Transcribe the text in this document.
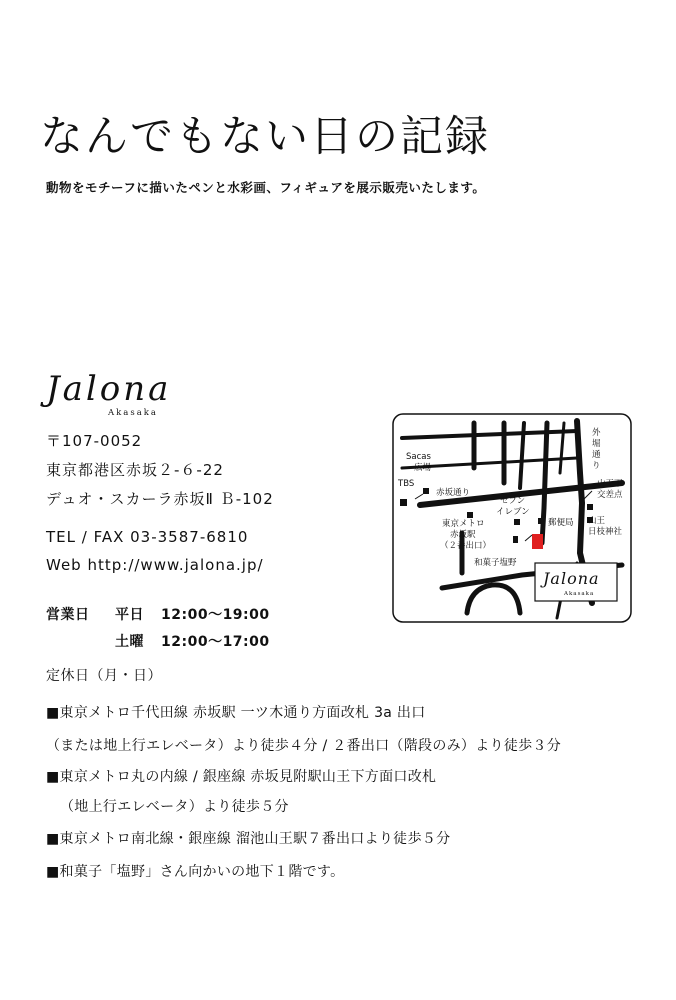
なんでもない日の記録
動物をモチーフに描いたペンと水彩画、フィギュアを展示販売いたします。
Jalona
Akasaka
〒107-0052
東京都港区赤坂２-６-22
デュオ・スカーラ赤坂Ⅱ Ｂ-102
TEL / FAX 03-3587-6810
Web http://www.jalona.jp/
営業日 平日 12:00〜19:00
土曜 12:00〜17:00
定休日（月・日）
■東京メトロ千代田線 赤坂駅 一ツ木通り方面改札 3a 出口
（または地上行エレベータ）より徒歩４分 / ２番出口（階段のみ）より徒歩３分
■東京メトロ丸の内線 / 銀座線 赤坂見附駅山王下方面口改札
（地上行エレベータ）より徒歩５分
■東京メトロ南北線・銀座線 溜池山王駅７番出口より徒歩５分
■和菓子「塩野」さん向かいの地下１階です。
外
堀
通
り
Sacas
広場
TBS
赤坂通り
セブン
イレブン
山王下
交差点
東京メトロ
赤坂駅
（２番出口）
郵便局 山王
日枝神社
和菓子塩野
Jalona
Akasaka
